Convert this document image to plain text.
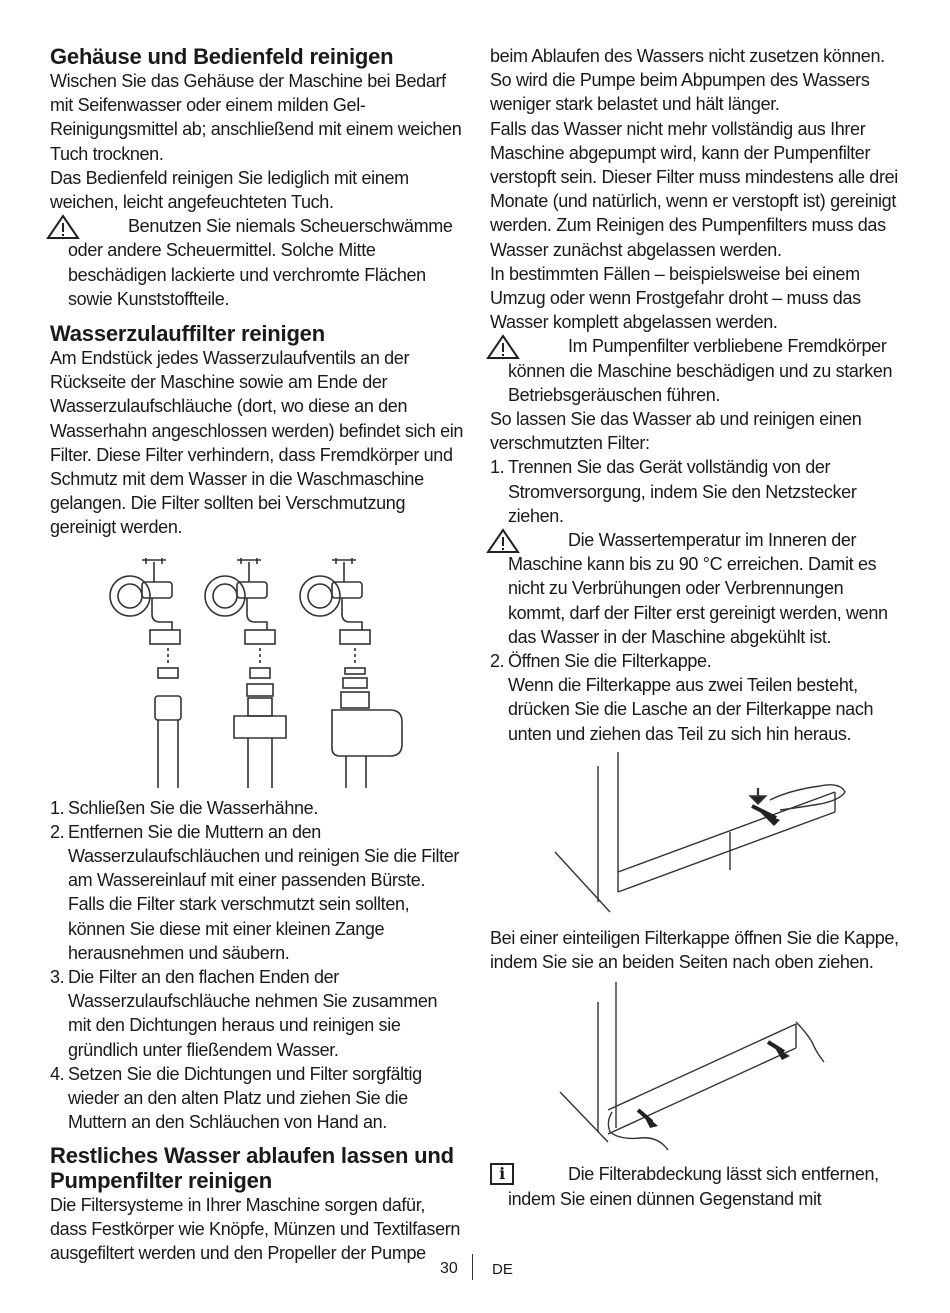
Gehäuse und Bedienfeld reinigen

Wischen Sie das Gehäuse der Maschine bei Bedarf mit Seifenwasser oder einem milden Gel-Reinigungsmittel ab; anschließend mit einem weichen Tuch trocknen.

Das Bedienfeld reinigen Sie lediglich mit einem weichen, leicht angefeuchteten Tuch.

Benutzen Sie niemals Scheuerschwämme oder andere Scheuermittel. Solche Mitte beschädigen lackierte und verchromte Flächen sowie Kunststoffteile.
Wasserzulauffilter reinigen

Am Endstück jedes Wasserzulaufventils an der Rückseite der Maschine sowie am Ende der Wasserzulaufschläuche (dort, wo diese an den Wasserhahn angeschlossen werden) befindet sich ein Filter. Diese Filter verhindern, dass Fremdkörper und Schmutz mit dem Wasser in die Waschmaschine gelangen. Die Filter sollten bei Verschmutzung gereinigt werden.

1. Schließen Sie die Wasserhähne.
2. Entfernen Sie die Muttern an den Wasserzulaufschläuchen und reinigen Sie die Filter am Wassereinlauf mit einer passenden Bürste. Falls die Filter stark verschmutzt sein sollten, können Sie diese mit einer kleinen Zange herausnehmen und säubern.
3. Die Filter an den flachen Enden der Wasserzulaufschläuche nehmen Sie zusammen mit den Dichtungen heraus und reinigen sie gründlich unter fließendem Wasser.
4. Setzen Sie die Dichtungen und Filter sorgfältig wieder an den alten Platz und ziehen Sie die Muttern an den Schläuchen von Hand an.
Restliches Wasser ablaufen lassen und Pumpenfilter reinigen

Die Filtersysteme in Ihrer Maschine sorgen dafür, dass Festkörper wie Knöpfe, Münzen und Textilfasern ausgefiltert werden und den Propeller der Pumpe

beim Ablaufen des Wassers nicht zusetzen können. So wird die Pumpe beim Abpumpen des Wassers weniger stark belastet und hält länger.

Falls das Wasser nicht mehr vollständig aus Ihrer Maschine abgepumpt wird, kann der Pumpenfilter verstopft sein. Dieser Filter muss mindestens alle drei Monate (und natürlich, wenn er verstopft ist) gereinigt werden. Zum Reinigen des Pumpenfilters muss das Wasser zunächst abgelassen werden.

In bestimmten Fällen – beispielsweise bei einem Umzug oder wenn Frostgefahr droht – muss das Wasser komplett abgelassen werden.

Im Pumpenfilter verbliebene Fremdkörper können die Maschine beschädigen und zu starken Betriebsgeräuschen führen.

So lassen Sie das Wasser ab und reinigen einen verschmutzten Filter:

1. Trennen Sie das Gerät vollständig von der Stromversorgung, indem Sie den Netzstecker ziehen.
Die Wassertemperatur im Inneren der Maschine kann bis zu 90 °C erreichen. Damit es nicht zu Verbrühungen oder Verbrennungen kommt, darf der Filter erst gereinigt werden, wenn das Wasser in der Maschine abgekühlt ist.
2. Öffnen Sie die Filterkappe.

Wenn die Filterkappe aus zwei Teilen besteht, drücken Sie die Lasche an der Filterkappe nach unten und ziehen das Teil zu sich hin heraus.

Bei einer einteiligen Filterkappe öffnen Sie die Kappe, indem Sie sie an beiden Seiten nach oben ziehen.

i	Die Filterabdeckung lässt sich entfernen, indem Sie einen dünnen Gegenstand mit
30 DE
